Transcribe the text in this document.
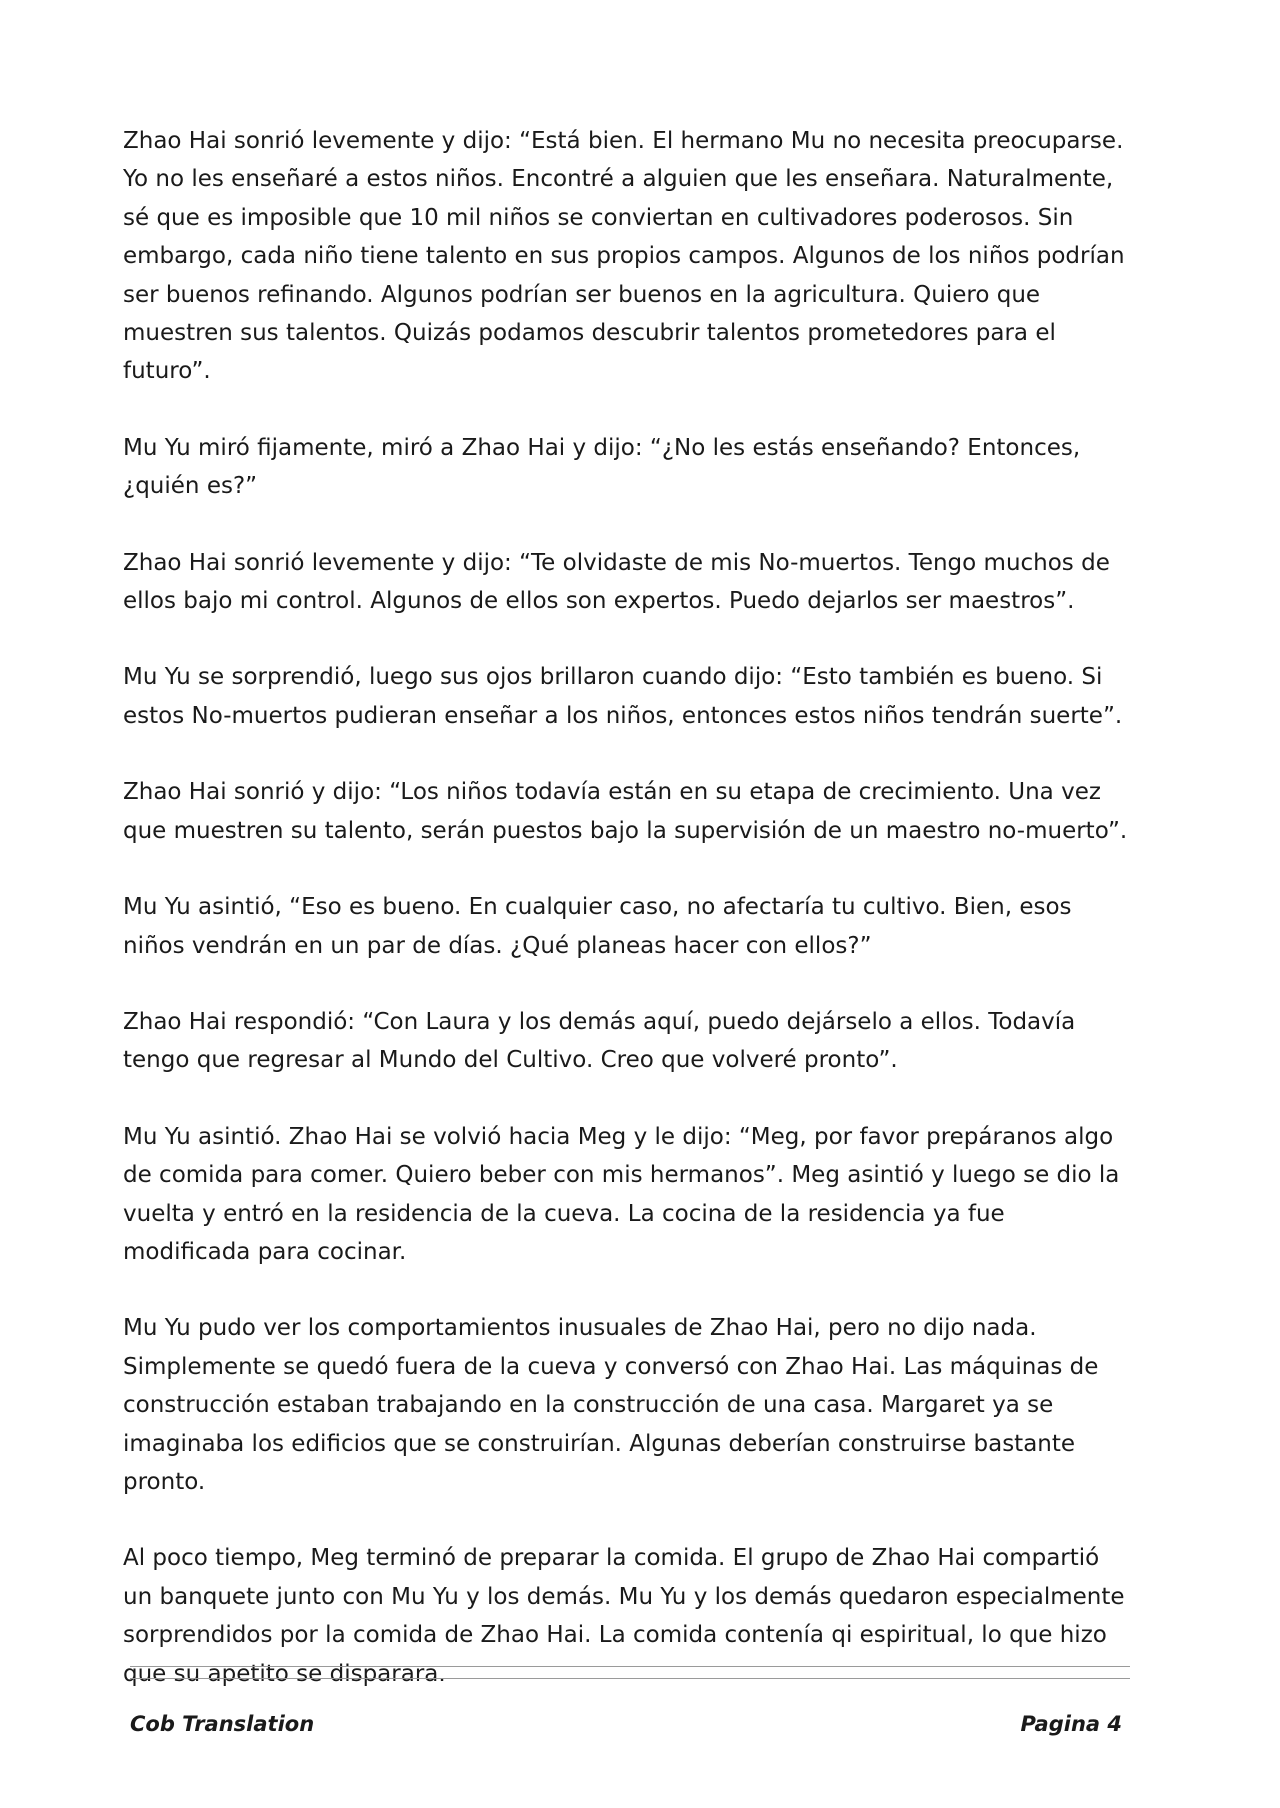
Zhao Hai sonrió levemente y dijo: “Está bien. El hermano Mu no necesita preocuparse. Yo no les enseñaré a estos niños. Encontré a alguien que les enseñara. Naturalmente, sé que es imposible que 10 mil niños se conviertan en cultivadores poderosos. Sin embargo, cada niño tiene talento en sus propios campos. Algunos de los niños podrían ser buenos refinando. Algunos podrían ser buenos en la agricultura. Quiero que muestren sus talentos. Quizás podamos descubrir talentos prometedores para el futuro”.

Mu Yu miró fijamente, miró a Zhao Hai y dijo: “¿No les estás enseñando? Entonces, ¿quién es?”

Zhao Hai sonrió levemente y dijo: “Te olvidaste de mis No-muertos. Tengo muchos de ellos bajo mi control. Algunos de ellos son expertos. Puedo dejarlos ser maestros”.

Mu Yu se sorprendió, luego sus ojos brillaron cuando dijo: “Esto también es bueno. Si estos No-muertos pudieran enseñar a los niños, entonces estos niños tendrán suerte”.

Zhao Hai sonrió y dijo: “Los niños todavía están en su etapa de crecimiento. Una vez que muestren su talento, serán puestos bajo la supervisión de un maestro no-muerto”.

Mu Yu asintió, “Eso es bueno. En cualquier caso, no afectaría tu cultivo. Bien, esos niños vendrán en un par de días. ¿Qué planeas hacer con ellos?”

Zhao Hai respondió: “Con Laura y los demás aquí, puedo dejárselo a ellos. Todavía tengo que regresar al Mundo del Cultivo. Creo que volveré pronto”.

Mu Yu asintió. Zhao Hai se volvió hacia Meg y le dijo: “Meg, por favor prepáranos algo de comida para comer. Quiero beber con mis hermanos”. Meg asintió y luego se dio la vuelta y entró en la residencia de la cueva. La cocina de la residencia ya fue modificada para cocinar.

Mu Yu pudo ver los comportamientos inusuales de Zhao Hai, pero no dijo nada. Simplemente se quedó fuera de la cueva y conversó con Zhao Hai. Las máquinas de construcción estaban trabajando en la construcción de una casa. Margaret ya se imaginaba los edificios que se construirían. Algunas deberían construirse bastante pronto.

Al poco tiempo, Meg terminó de preparar la comida. El grupo de Zhao Hai compartió un banquete junto con Mu Yu y los demás. Mu Yu y los demás quedaron especialmente sorprendidos por la comida de Zhao Hai. La comida contenía qi espiritual, lo que hizo que su apetito se disparara.

Cob Translation	Pagina 4
